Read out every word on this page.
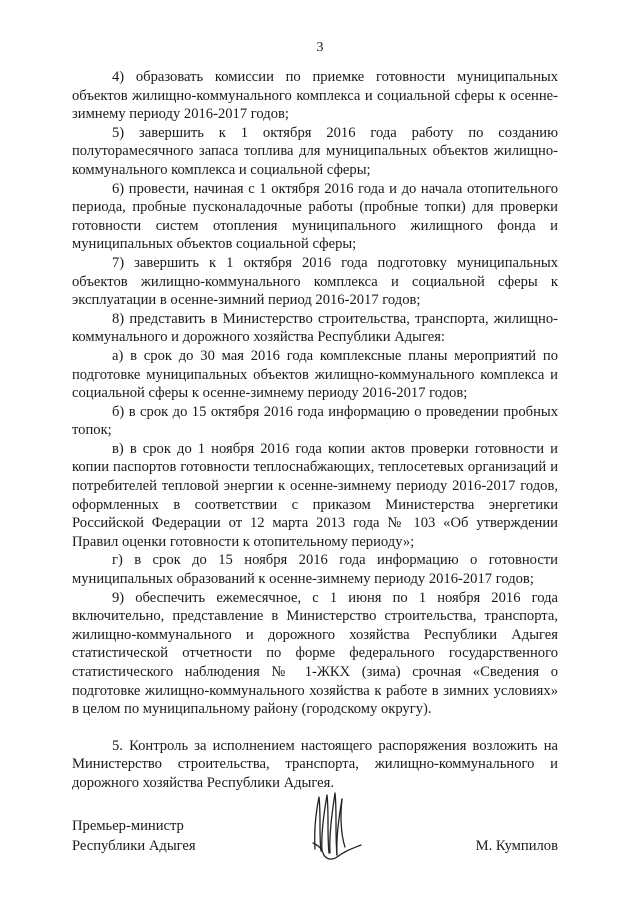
3

4) образовать комиссии по приемке готовности муниципальных объектов жилищно-коммунального комплекса и социальной сферы к осенне-зимнему периоду 2016-2017 годов;

5) завершить к 1 октября 2016 года работу по созданию полуторамесячного запаса топлива для муниципальных объектов жилищно-коммунального комплекса и социальной сферы;

6) провести, начиная с 1 октября 2016 года и до начала отопительного периода, пробные пусконаладочные работы (пробные топки) для проверки готовности систем отопления муниципального жилищного фонда и муниципальных объектов социальной сферы;

7) завершить к 1 октября 2016 года подготовку муниципальных объектов жилищно-коммунального комплекса и социальной сферы к эксплуатации в осенне-зимний период 2016-2017 годов;

8) представить в Министерство строительства, транспорта, жилищно-коммунального и дорожного хозяйства Республики Адыгея:

а) в срок до 30 мая 2016 года комплексные планы мероприятий по подготовке муниципальных объектов жилищно-коммунального комплекса и социальной сферы к осенне-зимнему периоду 2016-2017 годов;

б) в срок до 15 октября 2016 года информацию о проведении пробных топок;

в) в срок до 1 ноября 2016 года копии актов проверки готовности и копии паспортов готовности теплоснабжающих, теплосетевых организаций и потребителей тепловой энергии к осенне-зимнему периоду 2016-2017 годов, оформленных в соответствии с приказом Министерства энергетики Российской Федерации от 12 марта 2013 года № 103 «Об утверждении Правил оценки готовности к отопительному периоду»;

г) в срок до 15 ноября 2016 года информацию о готовности муниципальных образований к осенне-зимнему периоду 2016-2017 годов;

9) обеспечить ежемесячное, с 1 июня по 1 ноября 2016 года включительно, представление в Министерство строительства, транспорта, жилищно-коммунального и дорожного хозяйства Республики Адыгея статистической отчетности по форме федерального государственного статистического наблюдения № 1-ЖКХ (зима) срочная «Сведения о подготовке жилищно-коммунального хозяйства к работе в зимних условиях» в целом по муниципальному району (городскому округу).

5. Контроль за исполнением настоящего распоряжения возложить на Министерство строительства, транспорта, жилищно-коммунального и дорожного хозяйства Республики Адыгея.

Премьер-министр
Республики Адыгея	М. Кумпилов
